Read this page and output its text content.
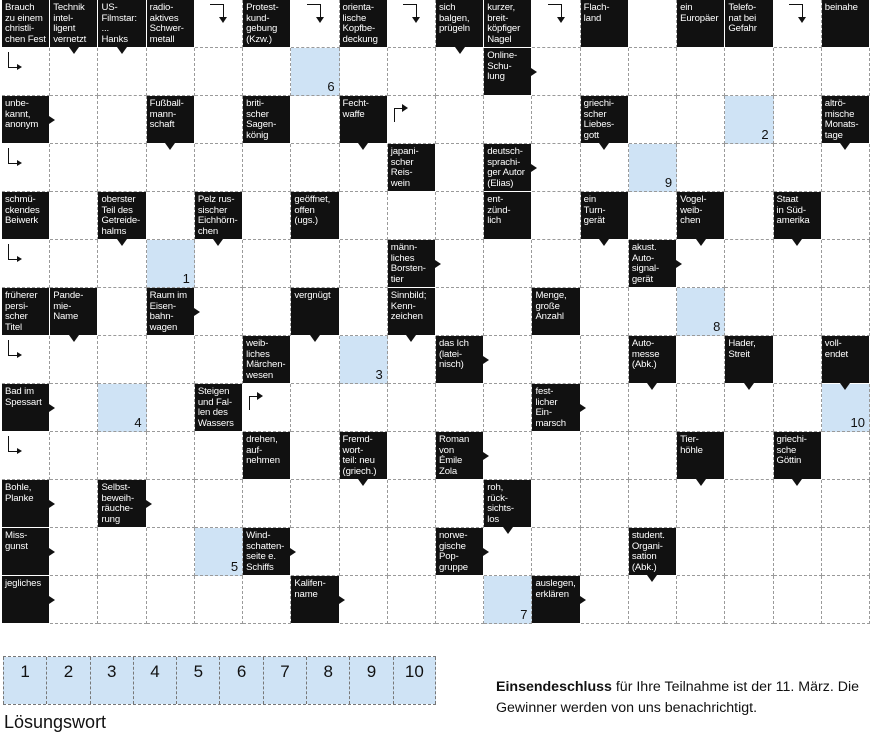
Brauch
zu einem
christli-
chen Fest
Technik
intel-
ligent
vernetzt
US-
Filmstar:
...
Hanks
radio-
aktives
Schwer-
metall
Protest-
kund-
gebung
(Kzw.)
orienta-
lische
Kopfbe-
deckung
sich
balgen,
prügeln
kurzer,
breit-
köpfiger
Nagel
Flach-
land
ein
Europäer
Telefo-
nat bei
Gefahr
beinahe
6
Online-
Schu-
lung
unbe-
kannt,
anonym
Fußball-
mann-
schaft
briti-
scher
Sagen-
könig
Fecht-
waffe
griechi-
scher
Liebes-
gott	2
altrö-
mische
Monats-
tage
japani-
scher
Reis-
wein
deutsch-
sprachi-
ger Autor
(Elias)	9
schmü-
ckendes
Beiwerk
oberster
Teil des
Getreide-
halms
Pelz rus-
sischer
Eichhörn-
chen
geöffnet,
offen
(ugs.)
ent-
zünd-
lich
ein
Turn-
gerät
Vogel-
weib-
chen
Staat
in Süd-
amerika
1
männ-
liches
Borsten-
tier
akust.
Auto-
signal-
gerät
früherer
persi-
scher
Titel
Pande-
mie-
Name
Raum im
Eisen-
bahn-
wagen
vergnügt	Sinnbild;
Kenn-
zeichen
Menge,
große
Anzahl
8
weib-
liches
Märchen-
wesen	3
das Ich
(latei-
nisch)
Auto-
messe
(Abk.)
Hader,
Streit
voll-
endet
Bad im
Spessart
4
Steigen
und Fal-
len des
Wassers
fest-
licher
Ein-
marsch	10
drehen,
auf-
nehmen
Fremd-
wort-
teil: neu
(griech.)
Roman
von
Émile
Zola
Tier-
höhle
griechi-
sche
Göttin
Bohle,
Planke
Selbst-
beweih-
räuche-
rung
roh,
rück-
sichts-
los
Miss-
gunst
5
Wind-
schatten-
seite e.
Schiffs
norwe-
gische
Pop-
gruppe
student.
Organi-
sation
(Abk.)
jegliches	Kalifen-
name
7
auslegen,
erklären
1	2	3	4	5	6	7	8	9	10
Lösungswort
Einsendeschluss für Ihre Teilnahme ist der 11. März. Die Gewinner werden von uns benachrichtigt.
